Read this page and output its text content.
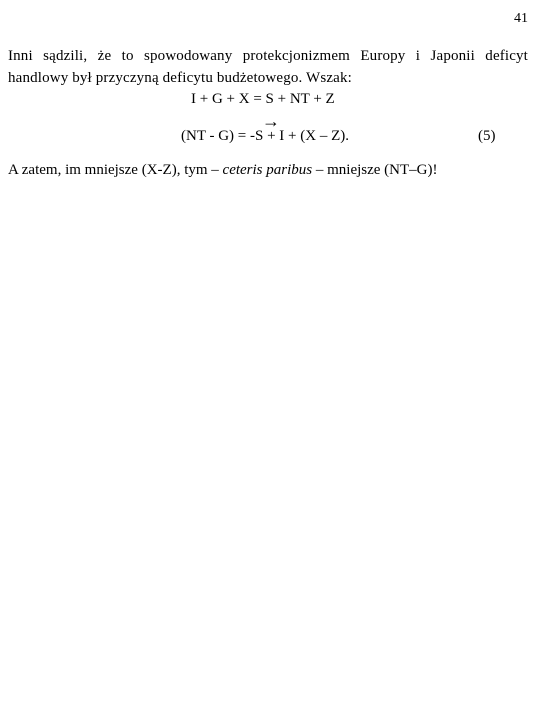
41

Inni sądzili, że to spowodowany protekcjonizmem Europy i Japonii deficyt handlowy był przyczyną deficytu budżetowego. Wszak:

I + G + X = S + NT + Z
→
(NT - G) = -S + I + (X – Z).	(5)

A zatem, im mniejsze (X-Z), tym – ceteris paribus – mniejsze (NT–G)!
